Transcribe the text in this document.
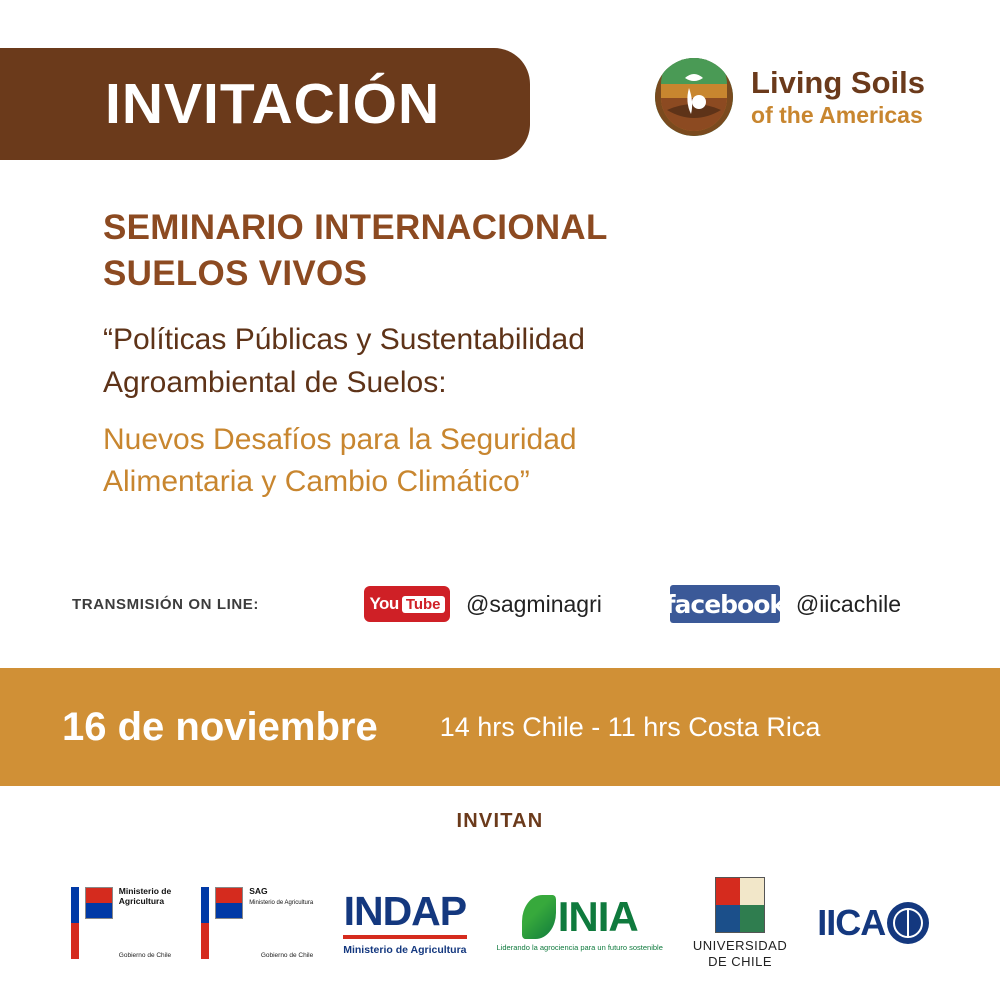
INVITACIÓN	Living Soils
of the Americas
SEMINARIO INTERNACIONAL
SUELOS VIVOS

“Políticas Públicas y Sustentabilidad
Agroambiental de Suelos:

Nuevos Desafíos para la Seguridad
Alimentaria y Cambio Climático”

TRANSMISIÓN ON LINE:	You Tube @sagminagri	facebook @iicachile
16 de noviembre 14 hrs Chile - 11 hrs Costa Rica
INVITAN
Ministerio de
Agricultura
Gobierno de Chile
SAG
Ministerio de Agricultura
Gobierno de Chile
INDAP
Ministerio de Agricultura
INIA
Liderando la agrociencia para un futuro sostenible UNIVERSIDAD
DE CHILE
IICA
